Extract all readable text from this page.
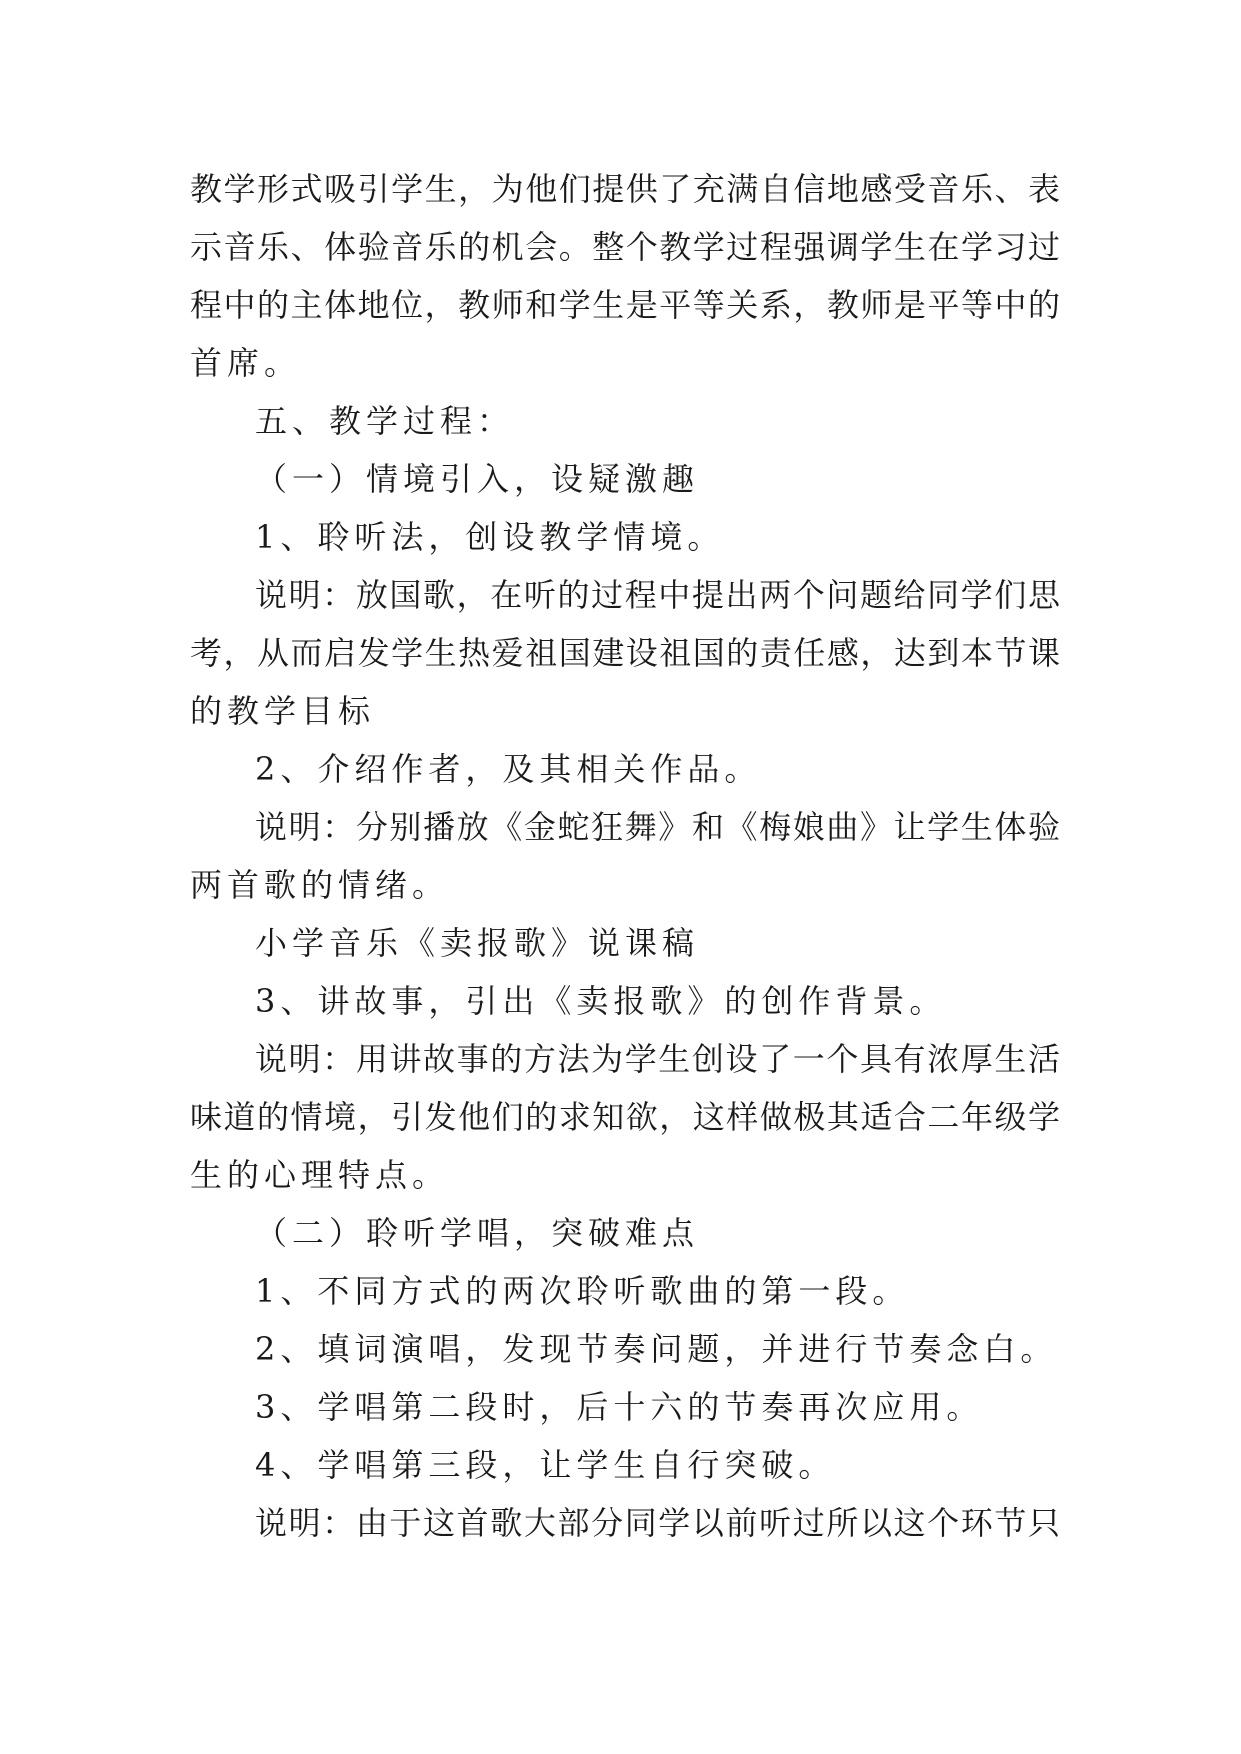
教学形式吸引学生，为他们提供了充满自信地感受音乐、表
示音乐、体验音乐的机会。整个教学过程强调学生在学习过
程中的主体地位，教师和学生是平等关系，教师是平等中的
首席。
五、教学过程：
（一）情境引入，设疑激趣
1、聆听法，创设教学情境。
说明：放国歌，在听的过程中提出两个问题给同学们思
考，从而启发学生热爱祖国建设祖国的责任感，达到本节课
的教学目标
2、介绍作者，及其相关作品。
说明：分别播放《金蛇狂舞》和《梅娘曲》让学生体验
两首歌的情绪。
小学音乐《卖报歌》说课稿
3、讲故事，引出《卖报歌》的创作背景。
说明：用讲故事的方法为学生创设了一个具有浓厚生活
味道的情境，引发他们的求知欲，这样做极其适合二年级学
生的心理特点。
（二）聆听学唱，突破难点
1、不同方式的两次聆听歌曲的第一段。
2、填词演唱，发现节奏问题，并进行节奏念白。
3、学唱第二段时，后十六的节奏再次应用。
4、学唱第三段，让学生自行突破。
说明：由于这首歌大部分同学以前听过所以这个环节只
